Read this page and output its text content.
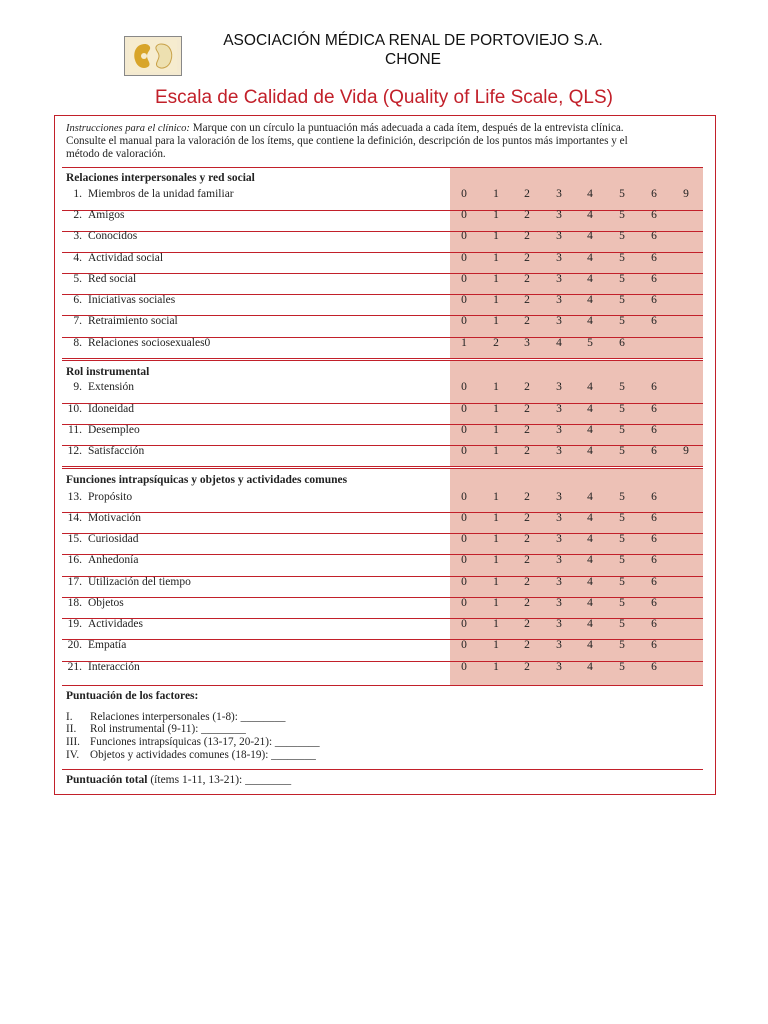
ASOCIACIÓN MÉDICA RENAL DE PORTOVIEJO S.A.
CHONE
Escala de Calidad de Vida (Quality of Life Scale, QLS)
Instrucciones para el clínico: Marque con un círculo la puntuación más adecuada a cada ítem, después de la entrevista clínica.
Consulte el manual para la valoración de los ítems, que contiene la definición, descripción de los puntos más importantes y el
método de valoración.
Relaciones interpersonales y red social
1. Miembros de la unidad familiar	0 1 2 3 4 5 6 9
2. Amigos	0 1 2 3 4 5 6
3. Conocidos	0 1 2 3 4 5 6
4. Actividad social	0 1 2 3 4 5 6
5. Red social	0 1 2 3 4 5 6
6. Iniciativas sociales	0 1 2 3 4 5 6
7. Retraimiento social	0 1 2 3 4 5 6
8. Relaciones sociosexuales0	1 2 3 4 5 6
Rol instrumental
9. Extensión	0 1 2 3 4 5 6
10. Idoneidad	0 1 2 3 4 5 6
11. Desempleo	0 1 2 3 4 5 6
12. Satisfacción	0 1 2 3 4 5 6 9
Funciones intrapsíquicas y objetos y actividades comunes
13. Propósito	0 1 2 3 4 5 6
14. Motivación	0 1 2 3 4 5 6
15. Curiosidad	0 1 2 3 4 5 6
16. Anhedonía	0 1 2 3 4 5 6
17. Utilización del tiempo	0 1 2 3 4 5 6
18. Objetos	0 1 2 3 4 5 6
19. Actividades	0 1 2 3 4 5 6
20. Empatía	0 1 2 3 4 5 6
21. Interacción	0 1 2 3 4 5 6
Puntuación de los factores:
I. Relaciones interpersonales (1-8): ________
II. Rol instrumental (9-11): ________
III. Funciones intrapsíquicas (13-17, 20-21): ________
IV. Objetos y actividades comunes (18-19): ________
Puntuación total (ítems 1-11, 13-21): ________
